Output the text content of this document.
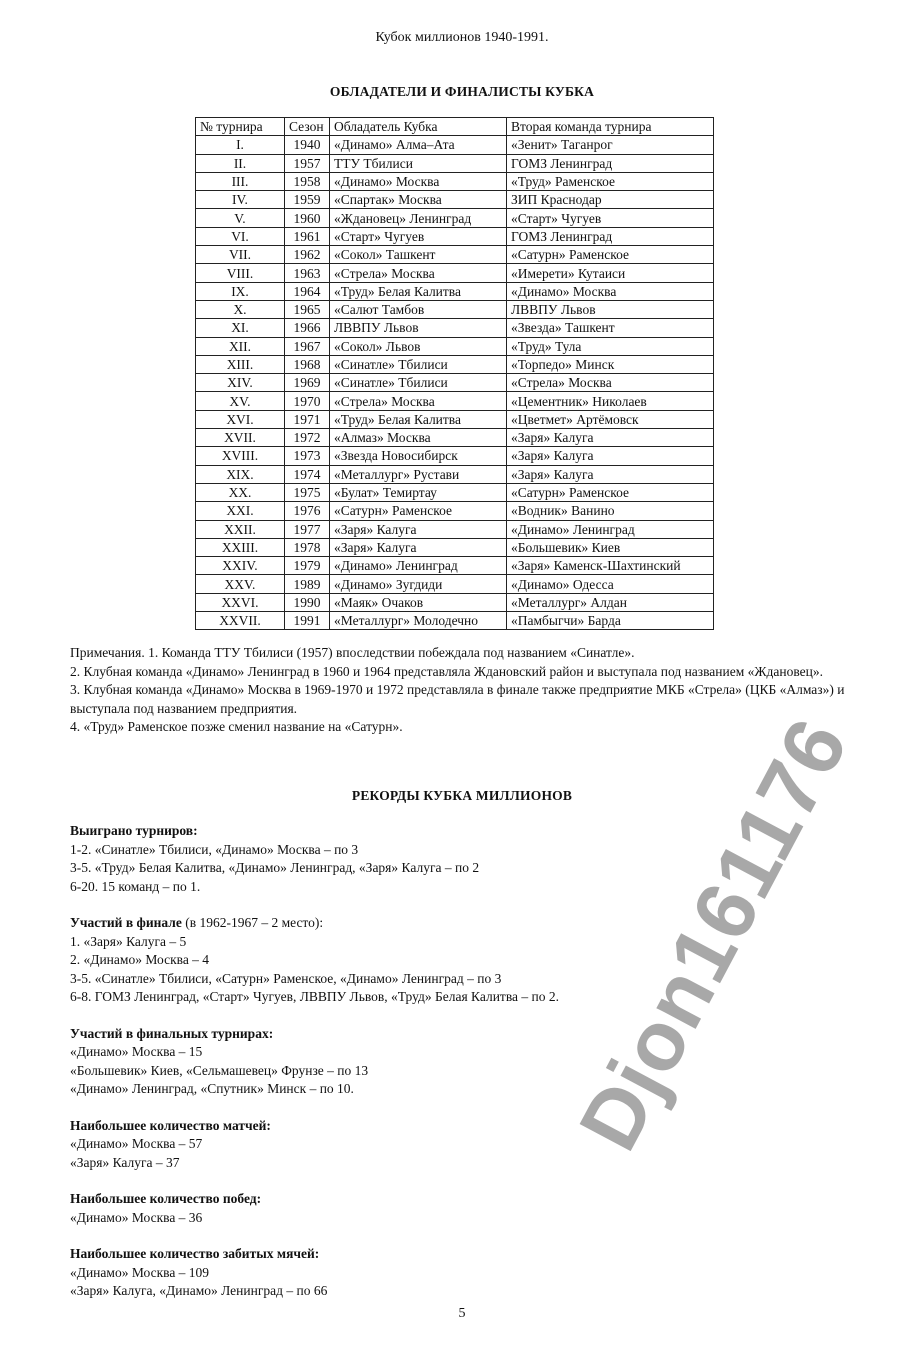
Кубок миллионов 1940-1991.
ОБЛАДАТЕЛИ И ФИНАЛИСТЫ КУБКА
№ турнира	Сезон	Обладатель Кубка	Вторая команда турнира
I.	1940	«Динамо» Алма–Ата	«Зенит» Таганрог
II.	1957	ТТУ Тбилиси	ГОМЗ Ленинград
III.	1958	«Динамо» Москва	«Труд» Раменское
IV.	1959	«Спартак» Москва	ЗИП Краснодар
V.	1960	«Ждановец» Ленинград	«Старт» Чугуев
VI.	1961	«Старт» Чугуев	ГОМЗ Ленинград
VII.	1962	«Сокол» Ташкент	«Сатурн» Раменское
VIII.	1963	«Стрела» Москва	«Имерети» Кутаиси
IX.	1964	«Труд» Белая Калитва	«Динамо» Москва
X.	1965	«Салют Тамбов	ЛВВПУ Львов
XI.	1966	ЛВВПУ Львов	«Звезда» Ташкент
XII.	1967	«Сокол» Львов	«Труд» Тула
XIII.	1968	«Синатле» Тбилиси	«Торпедо» Минск
XIV.	1969	«Синатле» Тбилиси	«Стрела» Москва
XV.	1970	«Стрела» Москва	«Цементник» Николаев
XVI.	1971	«Труд» Белая Калитва	«Цветмет» Артёмовск
XVII.	1972	«Алмаз» Москва	«Заря» Калуга
XVIII.	1973	«Звезда Новосибирск	«Заря» Калуга
XIX.	1974	«Металлург» Рустави	«Заря» Калуга
XX.	1975	«Булат» Темиртау	«Сатурн» Раменское
XXI.	1976	«Сатурн» Раменское	«Водник» Ванино
XXII.	1977	«Заря» Калуга	«Динамо» Ленинград
XXIII.	1978	«Заря» Калуга	«Большевик» Киев
XXIV.	1979	«Динамо» Ленинград	«Заря» Каменск-Шахтинский
XXV.	1989	«Динамо» Зугдиди	«Динамо» Одесса
XXVI.	1990	«Маяк» Очаков	«Металлург» Алдан
XXVII.	1991	«Металлург» Молодечно	«Памбыгчи» Барда

Примечания. 1. Команда ТТУ Тбилиси (1957) впоследствии побеждала под названием «Синатле».

2. Клубная команда «Динамо» Ленинград в 1960 и 1964 представляла Ждановский район и выступала под названием «Ждановец».

3. Клубная команда «Динамо» Москва в 1969-1970 и 1972 представляла в финале также предприятие МКБ «Стрела» (ЦКБ «Алмаз») и выступала под названием предприятия.

4. «Труд» Раменское позже сменил название на «Сатурн».

РЕКОРДЫ КУБКА МИЛЛИОНОВ
Выиграно турниров:
1-2. «Синатле» Тбилиси, «Динамо» Москва – по 3
3-5. «Труд» Белая Калитва, «Динамо» Ленинград, «Заря» Калуга – по 2
6-20. 15 команд – по 1.
Участий в финале (в 1962-1967 – 2 место):
1. «Заря» Калуга – 5
2. «Динамо» Москва – 4
3-5. «Синатле» Тбилиси, «Сатурн» Раменское, «Динамо» Ленинград – по 3
6-8. ГОМЗ Ленинград, «Старт» Чугуев, ЛВВПУ Львов, «Труд» Белая Калитва – по 2.
Участий в финальных турнирах:
«Динамо» Москва – 15
«Большевик» Киев, «Сельмашевец» Фрунзе – по 13
«Динамо» Ленинград, «Спутник» Минск – по 10.
Наибольшее количество матчей:
«Динамо» Москва – 57
«Заря» Калуга – 37
Наибольшее количество побед:
«Динамо» Москва – 36
Наибольшее количество забитых мячей:
«Динамо» Москва – 109
«Заря» Калуга, «Динамо» Ленинград – по 66
5
Djon161176
